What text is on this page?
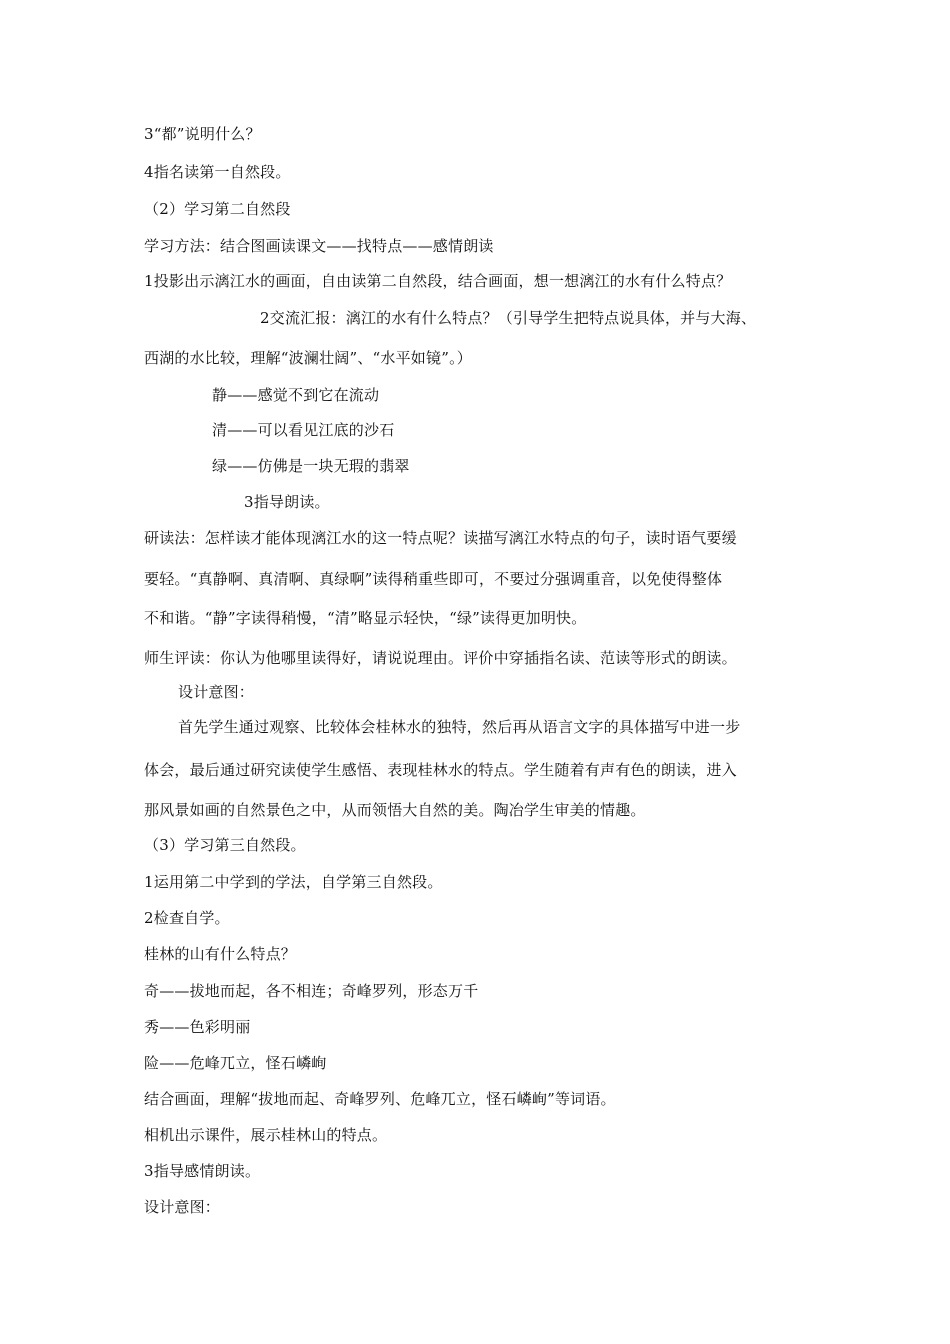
3“都”说明什么？
4指名读第一自然段。
（2）学习第二自然段
学习方法：结合图画读课文——找特点——感情朗读
1投影出示漓江水的画面，自由读第二自然段，结合画面，想一想漓江的水有什么特点？
2交流汇报：漓江的水有什么特点？（引导学生把特点说具体，并与大海、
西湖的水比较，理解“波澜壮阔”、“水平如镜”。）
静——感觉不到它在流动
清——可以看见江底的沙石
绿——仿佛是一块无瑕的翡翠
3指导朗读。
研读法：怎样读才能体现漓江水的这一特点呢？读描写漓江水特点的句子，读时语气要缓
要轻。“真静啊、真清啊、真绿啊”读得稍重些即可，不要过分强调重音，以免使得整体
不和谐。“静”字读得稍慢，“清”略显示轻快，“绿”读得更加明快。
师生评读：你认为他哪里读得好，请说说理由。评价中穿插指名读、范读等形式的朗读。
设计意图：
首先学生通过观察、比较体会桂林水的独特，然后再从语言文字的具体描写中进一步
体会，最后通过研究读使学生感悟、表现桂林水的特点。学生随着有声有色的朗读，进入
那风景如画的自然景色之中，从而领悟大自然的美。陶冶学生审美的情趣。
（3）学习第三自然段。
1运用第二中学到的学法，自学第三自然段。
2检查自学。
桂林的山有什么特点？
奇——拔地而起，各不相连；奇峰罗列，形态万千
秀——色彩明丽
险——危峰兀立，怪石嶙峋
结合画面，理解“拔地而起、奇峰罗列、危峰兀立，怪石嶙峋”等词语。
相机出示课件，展示桂林山的特点。
3指导感情朗读。
设计意图：
